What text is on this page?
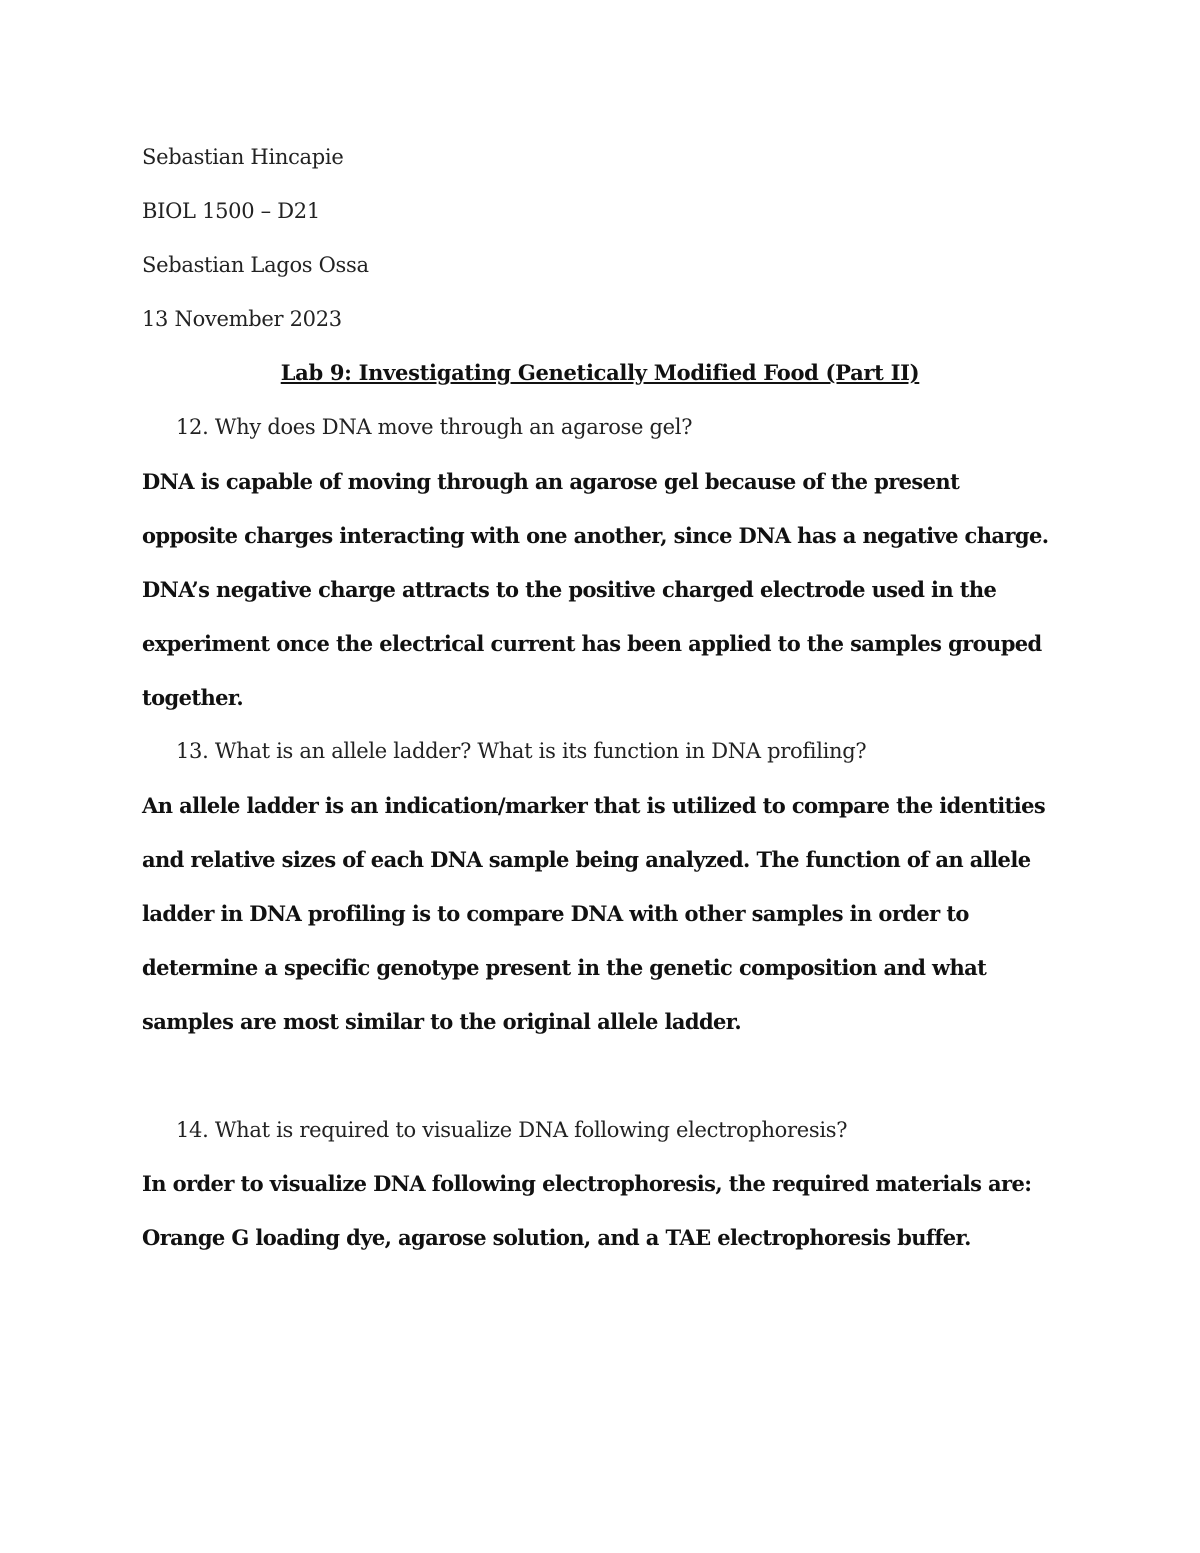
Sebastian Hincapie

BIOL 1500 – D21

Sebastian Lagos Ossa

13 November 2023

Lab 9: Investigating Genetically Modified Food (Part II)

12. Why does DNA move through an agarose gel?

DNA is capable of moving through an agarose gel because of the present opposite charges interacting with one another, since DNA has a negative charge. DNA’s negative charge attracts to the positive charged electrode used in the experiment once the electrical current has been applied to the samples grouped together.

13. What is an allele ladder? What is its function in DNA profiling?

An allele ladder is an indication/marker that is utilized to compare the identities and relative sizes of each DNA sample being analyzed. The function of an allele ladder in DNA profiling is to compare DNA with other samples in order to determine a specific genotype present in the genetic composition and what samples are most similar to the original allele ladder.

14. What is required to visualize DNA following electrophoresis?

In order to visualize DNA following electrophoresis, the required materials are: Orange G loading dye, agarose solution, and a TAE electrophoresis buffer.
